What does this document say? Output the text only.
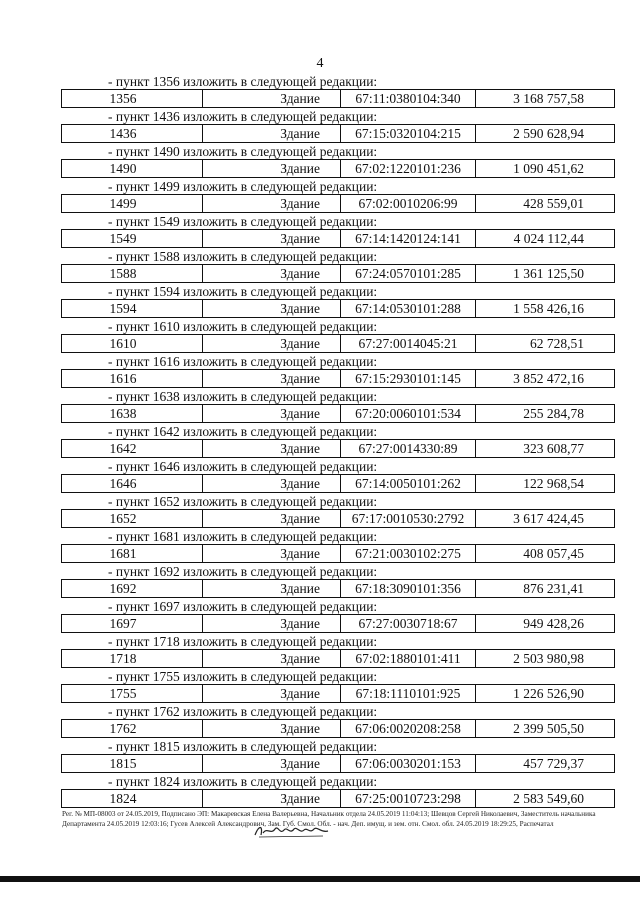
4
- пункт 1356 изложить в следующей редакции:
1356	Здание	67:11:0380104:340	3 168 757,58
- пункт 1436 изложить в следующей редакции:
1436	Здание	67:15:0320104:215	2 590 628,94
- пункт 1490 изложить в следующей редакции:
1490	Здание	67:02:1220101:236	1 090 451,62
- пункт 1499 изложить в следующей редакции:
1499	Здание	67:02:0010206:99	428 559,01
- пункт 1549 изложить в следующей редакции:
1549	Здание	67:14:1420124:141	4 024 112,44
- пункт 1588 изложить в следующей редакции:
1588	Здание	67:24:0570101:285	1 361 125,50
- пункт 1594 изложить в следующей редакции:
1594	Здание	67:14:0530101:288	1 558 426,16
- пункт 1610 изложить в следующей редакции:
1610	Здание	67:27:0014045:21	62 728,51
- пункт 1616 изложить в следующей редакции:
1616	Здание	67:15:2930101:145	3 852 472,16
- пункт 1638 изложить в следующей редакции:
1638	Здание	67:20:0060101:534	255 284,78
- пункт 1642 изложить в следующей редакции:
1642	Здание	67:27:0014330:89	323 608,77
- пункт 1646 изложить в следующей редакции:
1646	Здание	67:14:0050101:262	122 968,54
- пункт 1652 изложить в следующей редакции:
1652	Здание	67:17:0010530:2792	3 617 424,45
- пункт 1681 изложить в следующей редакции:
1681	Здание	67:21:0030102:275	408 057,45
- пункт 1692 изложить в следующей редакции:
1692	Здание	67:18:3090101:356	876 231,41
- пункт 1697 изложить в следующей редакции:
1697	Здание	67:27:0030718:67	949 428,26
- пункт 1718 изложить в следующей редакции:
1718	Здание	67:02:1880101:411	2 503 980,98
- пункт 1755 изложить в следующей редакции:
1755	Здание	67:18:1110101:925	1 226 526,90
- пункт 1762 изложить в следующей редакции:
1762	Здание	67:06:0020208:258	2 399 505,50
- пункт 1815 изложить в следующей редакции:
1815	Здание	67:06:0030201:153	457 729,37
- пункт 1824 изложить в следующей редакции:
1824	Здание	67:25:0010723:298	2 583 549,60
Рег. № МП-08003 от 24.05.2019, Подписано ЭП: Макаревская Елена Валерьевна, Начальник отдела 24.05.2019 11:04:13; Шевцов Сергей Николаевич, Заместитель начальника Департамента 24.05.2019 12:03:16; Гусев Алексей Александрович, Зам. Губ. Смол. Обл. - нач. Деп. имущ. и зем. отн. Смол. обл. 24.05.2019 18:29:25, Распечатал
